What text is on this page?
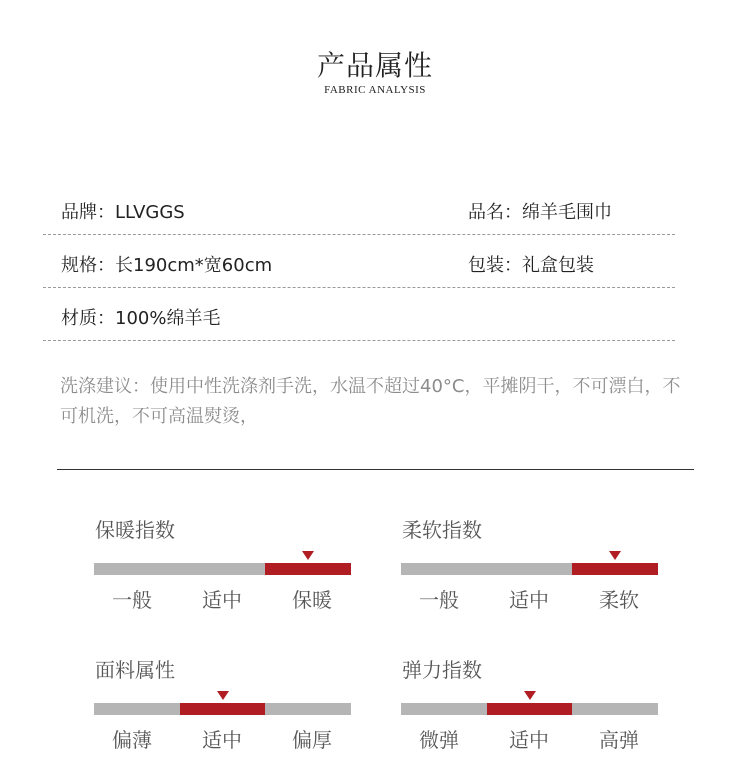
产品属性
FABRIC ANALYSIS
品牌：LLVGGS	品名：绵羊毛围巾
规格：长190cm*宽60cm	包装：礼盒包装
材质：100%绵羊毛
洗涤建议：使用中性洗涤剂手洗，水温不超过40°C，平摊阴干，不可漂白，不可机洗，不可高温熨烫，
保暖指数
一般	适中	保暖
柔软指数
一般	适中	柔软
面料属性
偏薄	适中	偏厚
弹力指数
微弹	适中	高弹
